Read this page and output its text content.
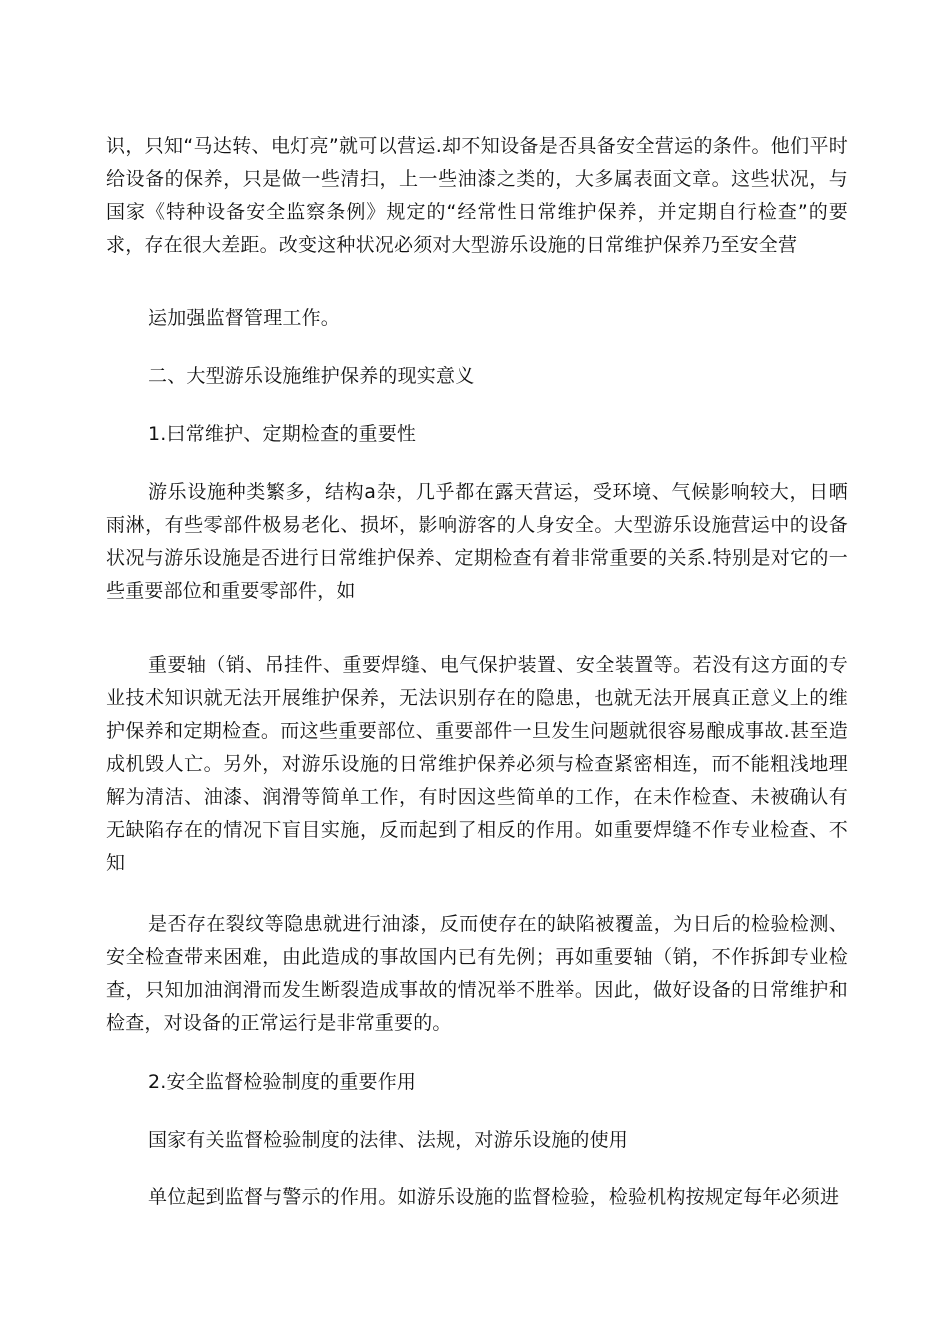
识，只知“马达转、电灯亮”就可以营运.却不知设备是否具备安全营运的条件。他们平时给设备的保养，只是做一些清扫，上一些油漆之类的，大多属表面文章。这些状况，与国家《特种设备安全监察条例》规定的“经常性日常维护保养，并定期自行检查”的要求，存在很大差距。改变这种状况必须对大型游乐设施的日常维护保养乃至安全营

运加强监督管理工作。

二、大型游乐设施维护保养的现实意义

1.曰常维护、定期检查的重要性

游乐设施种类繁多，结构a杂，几乎都在露天营运，受环境、气候影响较大，日晒雨淋，有些零部件极易老化、损坏，影响游客的人身安全。大型游乐设施营运中的设备状况与游乐设施是否进行日常维护保养、定期检查有着非常重要的关系.特别是对它的一些重要部位和重要零部件，如

重要轴（销、吊挂件、重要焊缝、电气保护装置、安全装置等。若没有这方面的专业技术知识就无法开展维护保养，无法识别存在的隐患，也就无法开展真正意义上的维护保养和定期检查。而这些重要部位、重要部件一旦发生问题就很容易酿成事故.甚至造成机毁人亡。另外，对游乐设施的日常维护保养必须与检查紧密相连，而不能粗浅地理解为清洁、油漆、润滑等简单工作，有时因这些简单的工作，在未作检查、未被确认有无缺陷存在的情况下盲目实施，反而起到了相反的作用。如重要焊缝不作专业检查、不知

是否存在裂纹等隐患就进行油漆，反而使存在的缺陷被覆盖，为日后的检验检测、安全检查带来困难，由此造成的事故国内已有先例；再如重要轴（销，不作拆卸专业检查，只知加油润滑而发生断裂造成事故的情况举不胜举。因此，做好设备的日常维护和检查，对设备的正常运行是非常重要的。

2.安全监督检验制度的重要作用

国家有关监督检验制度的法律、法规，对游乐设施的使用

单位起到监督与警示的作用。如游乐设施的监督检验，检验机构按规定每年必须进
